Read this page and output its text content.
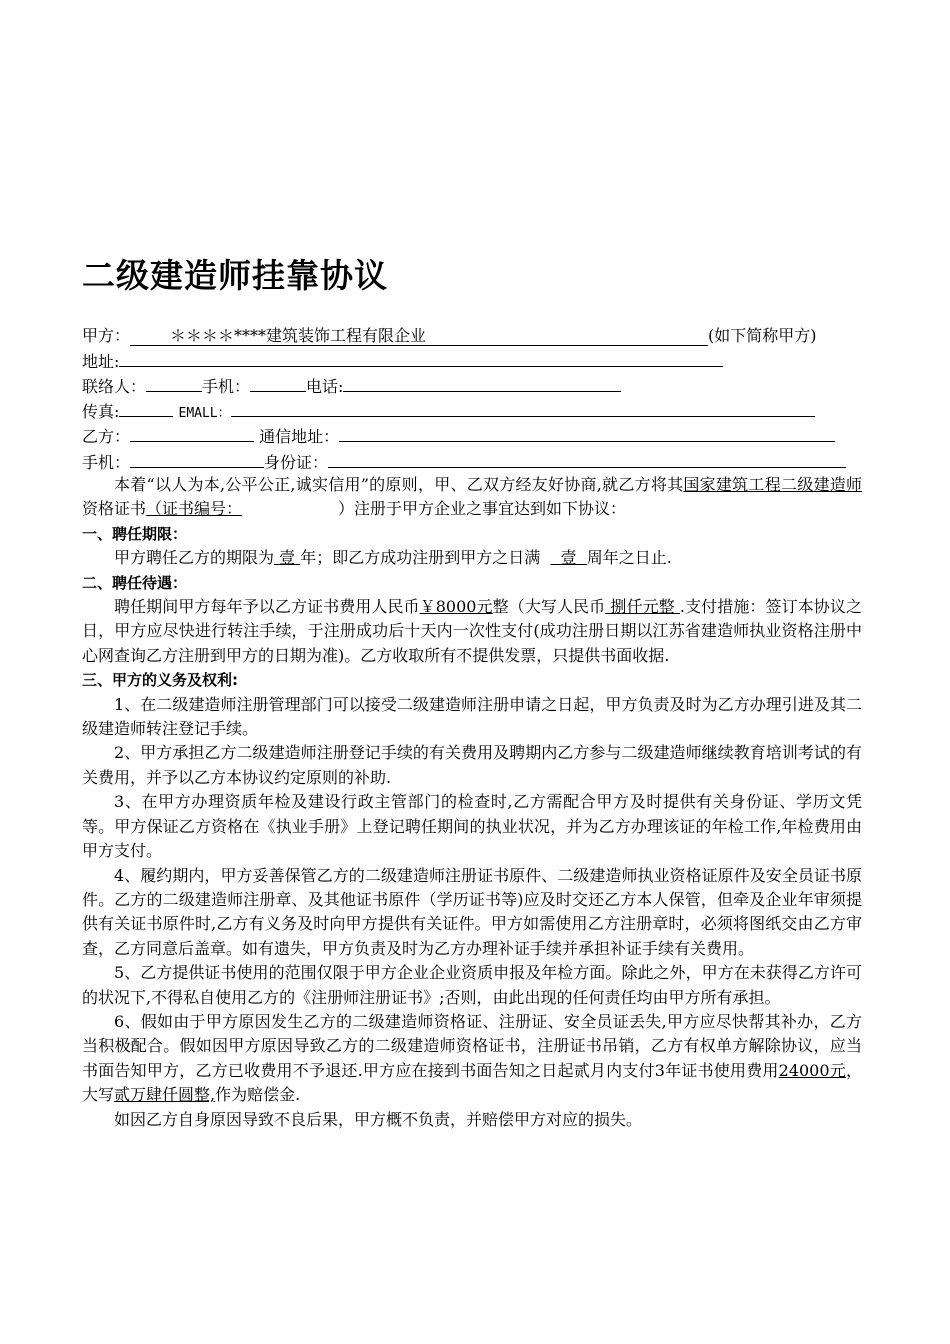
二级建造师挂靠协议
甲方：	＊＊＊＊****建筑装饰工程有限企业	(如下简称甲方)
地址:
联络人：	手机：	电话:
传真:	EMALL：
乙方：	通信地址：
手机：	身份证：

本着“以人为本,公平公正,诚实信用”的原则，甲、乙双方经友好协商,就乙方将其国家建筑工程二级建造师资格证书（证书编号：	）注册于甲方企业之事宜达到如下协议：

一、聘任期限：

甲方聘任乙方的期限为 壹 年；即乙方成功注册到甲方之日满 壹 周年之日止.

二、聘任待遇：

聘任期间甲方每年予以乙方证书费用人民币￥8000元整（大写人民币 捌仟元整 .支付措施：签订本协议之日，甲方应尽快进行转注手续，于注册成功后十天内一次性支付(成功注册日期以江苏省建造师执业资格注册中心网查询乙方注册到甲方的日期为准)。乙方收取所有不提供发票，只提供书面收据.

三、甲方的义务及权利:

1、在二级建造师注册管理部门可以接受二级建造师注册申请之日起，甲方负责及时为乙方办理引进及其二级建造师转注登记手续。

2、甲方承担乙方二级建造师注册登记手续的有关费用及聘期内乙方参与二级建造师继续教育培训考试的有关费用，并予以乙方本协议约定原则的补助.

3、在甲方办理资质年检及建设行政主管部门的检查时,乙方需配合甲方及时提供有关身份证、学历文凭等。甲方保证乙方资格在《执业手册》上登记聘任期间的执业状况，并为乙方办理该证的年检工作,年检费用由甲方支付。

4、履约期内，甲方妥善保管乙方的二级建造师注册证书原件、二级建造师执业资格证原件及安全员证书原件。乙方的二级建造师注册章、及其他证书原件（学历证书等)应及时交还乙方本人保管，但牵及企业年审须提供有关证书原件时,乙方有义务及时向甲方提供有关证件。甲方如需使用乙方注册章时，必须将图纸交由乙方审查，乙方同意后盖章。如有遗失，甲方负责及时为乙方办理补证手续并承担补证手续有关费用。

5、乙方提供证书使用的范围仅限于甲方企业企业资质申报及年检方面。除此之外，甲方在未获得乙方许可的状况下,不得私自使用乙方的《注册师注册证书》;否则，由此出现的任何责任均由甲方所有承担。

6、假如由于甲方原因发生乙方的二级建造师资格证、注册证、安全员证丢失,甲方应尽快帮其补办，乙方当积极配合。假如因甲方原因导致乙方的二级建造师资格证书，注册证书吊销，乙方有权单方解除协议，应当书面告知甲方，乙方已收费用不予退还.甲方应在接到书面告知之日起贰月内支付3年证书使用费用24000元，大写贰万肆仟圆整,作为赔偿金.

如因乙方自身原因导致不良后果，甲方概不负责，并赔偿甲方对应的损失。
